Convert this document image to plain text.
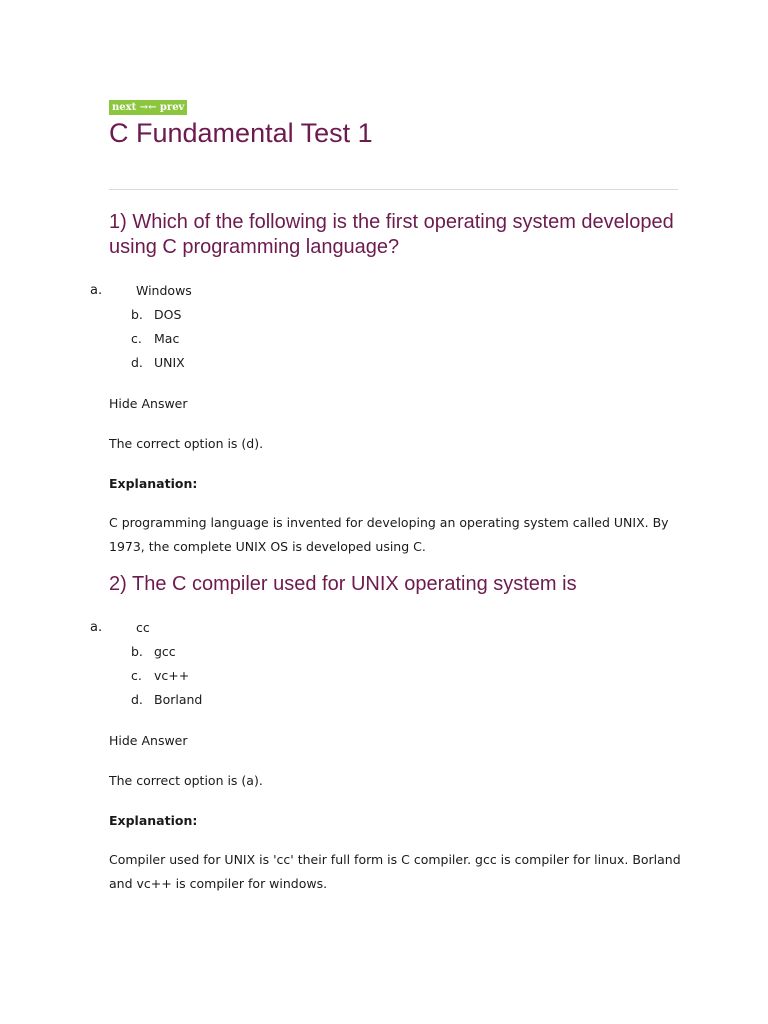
next →← prev
C Fundamental Test 1
1) Which of the following is the first operating system developed using C programming language?
a.	Windows
b. DOS
c. Mac
d. UNIX
Hide Answer
The correct option is (d).
Explanation:
C programming language is invented for developing an operating system called UNIX. By 1973, the complete UNIX OS is developed using C.
2) The C compiler used for UNIX operating system is
a.	cc
b. gcc
c. vc++
d. Borland
Hide Answer
The correct option is (a).
Explanation:
Compiler used for UNIX is 'cc' their full form is C compiler. gcc is compiler for linux. Borland and vc++ is compiler for windows.
